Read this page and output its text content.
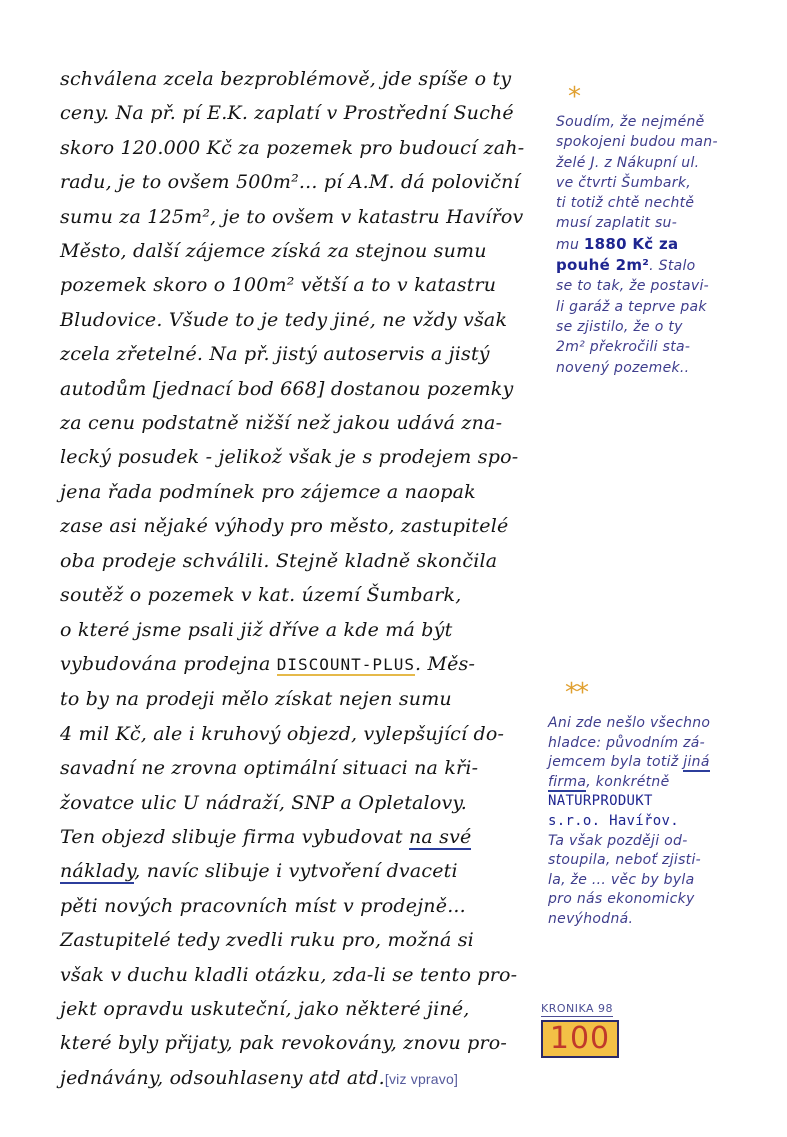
schválena zcela bezproblémově, jde spíše o ty
ceny. Na př. pí E.K. zaplatí v Prostřední Suché
skoro 120.000 Kč za pozemek pro budoucí zah-
radu, je to ovšem 500m²... pí A.M. dá poloviční
sumu za 125m², je to ovšem v katastru Havířov
Město, další zájemce získá za stejnou sumu
pozemek skoro o 100m² větší a to v katastru
Bludovice. Všude to je tedy jiné, ne vždy však
zcela zřetelné. Na př. jistý autoservis a jistý
autodům [jednací bod 668] dostanou pozemky
za cenu podstatně nižší než jakou udává zna-
lecký posudek - jelikož však je s prodejem spo-
jena řada podmínek pro zájemce a naopak
zase asi nějaké výhody pro město, zastupitelé
oba prodeje schválili. Stejně kladně skončila
soutěž o pozemek v kat. území Šumbark,
o které jsme psali již dříve a kde má být
vybudována prodejna DISCOUNT-PLUS. Měs-
to by na prodeji mělo získat nejen sumu
4 mil Kč, ale i kruhový objezd, vylepšující do-
savadní ne zrovna optimální situaci na kři-
žovatce ulic U nádraží, SNP a Opletalovy.
Ten objezd slibuje firma vybudovat na své
náklady, navíc slibuje i vytvoření dvaceti
pěti nových pracovních míst v prodejně...
Zastupitelé tedy zvedli ruku pro, možná si
však v duchu kladli otázku, zda-li se tento pro-
jekt opravdu uskuteční, jako některé jiné,
které byly přijaty, pak revokovány, znovu pro-
jednávány, odsouhlaseny atd atd.[viz vpravo]
*
Soudím, že nejméně
spokojeni budou man-
želé J. z Nákupní ul.
ve čtvrti Šumbark,
ti totiž chtě nechtě
musí zaplatit su-
mu 1880 Kč za
pouhé 2m². Stalo
se to tak, že postavi-
li garáž a teprve pak
se zjistilo, že o ty
2m² překročili sta-
novený pozemek..
**
Ani zde nešlo všechno
hladce: původním zá-
jemcem byla totiž jiná
firma, konkrétně
NATURPRODUKT
s.r.o. Havířov.
Ta však později od-
stoupila, neboť zjisti-
la, že ... věc by byla
pro nás ekonomicky
nevýhodná.
KRONIKA 98
100
